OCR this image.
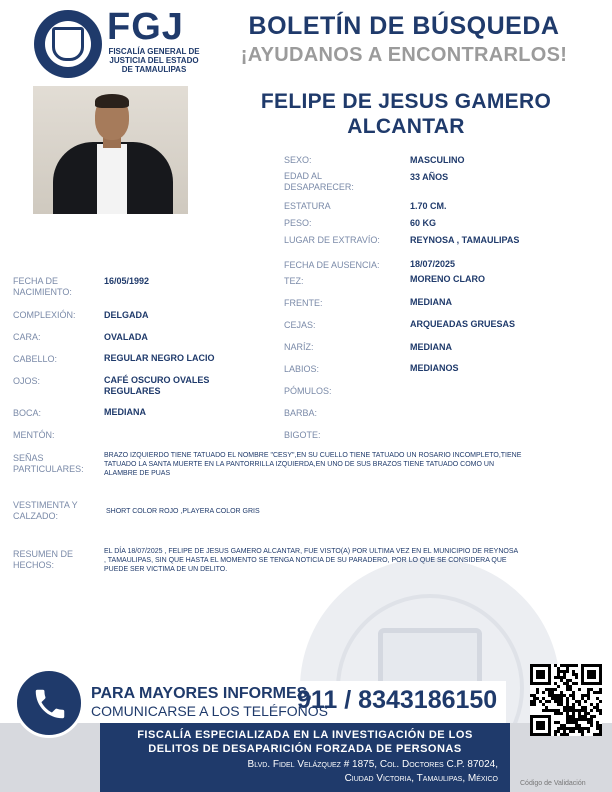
FGJ
FISCALÍA GENERAL DE
JUSTICIA DEL ESTADO
DE TAMAULIPAS
BOLETÍN DE BÚSQUEDA
¡AYUDANOS A ENCONTRARLOS!
FELIPE DE JESUS GAMERO
ALCANTAR
SEXO:	MASCULINO
EDAD AL
DESAPARECER:
33 AÑOS
ESTATURA	1.70 CM.
PESO:	60 KG
LUGAR DE EXTRAVÍO:	REYNOSA , TAMAULIPAS
FECHA DE AUSENCIA:	18/07/2025
TEZ:	MORENO CLARO
FRENTE:	MEDIANA
CEJAS:	ARQUEADAS GRUESAS
NARÍZ:	MEDIANA
LABIOS:	MEDIANOS
PÓMULOS:
BARBA:
BIGOTE:
FECHA DE
NACIMIENTO:
16/05/1992
COMPLEXIÓN:	DELGADA
CARA:	OVALADA
CABELLO:	REGULAR NEGRO LACIO
OJOS:	CAFÉ OSCURO OVALES
REGULARES
BOCA:	MEDIANA
MENTÓN:
SEÑAS
PARTICULARES:
BRAZO IZQUIERDO TIENE TATUADO EL NOMBRE "CESY",EN SU CUELLO TIENE TATUADO UN ROSARIO INCOMPLETO,TIENE
TATUADO LA SANTA MUERTE EN LA PANTORRILLA IZQUIERDA,EN UNO DE SUS BRAZOS TIENE TATUADO COMO UN
ALAMBRE DE PUAS
VESTIMENTA Y
CALZADO:	SHORT COLOR ROJO ,PLAYERA COLOR GRIS
RESUMEN DE
HECHOS:
EL DÍA 18/07/2025 , FELIPE DE JESUS GAMERO ALCANTAR, FUE VISTO(A) POR ULTIMA VEZ EN EL MUNICIPIO DE REYNOSA
, TAMAULIPAS, SIN QUE HASTA EL MOMENTO SE TENGA NOTICIA DE SU PARADERO, POR LO QUE SE CONSIDERA QUE
PUEDE SER VICTIMA DE UN DELITO.
FISCALÍA ESPECIALIZADA EN LA INVESTIGACIÓN DE LOS
DELITOS DE DESAPARICIÓN FORZADA DE PERSONAS
Blvd. Fidel Velázquez # 1875, Col. Doctores C.P. 87024,
Ciudad Victoria, Tamaulipas, México
PARA MAYORES INFORMES,
COMUNICARSE A LOS TELÉFONOS
911 / 8343186150
Código de Validación
